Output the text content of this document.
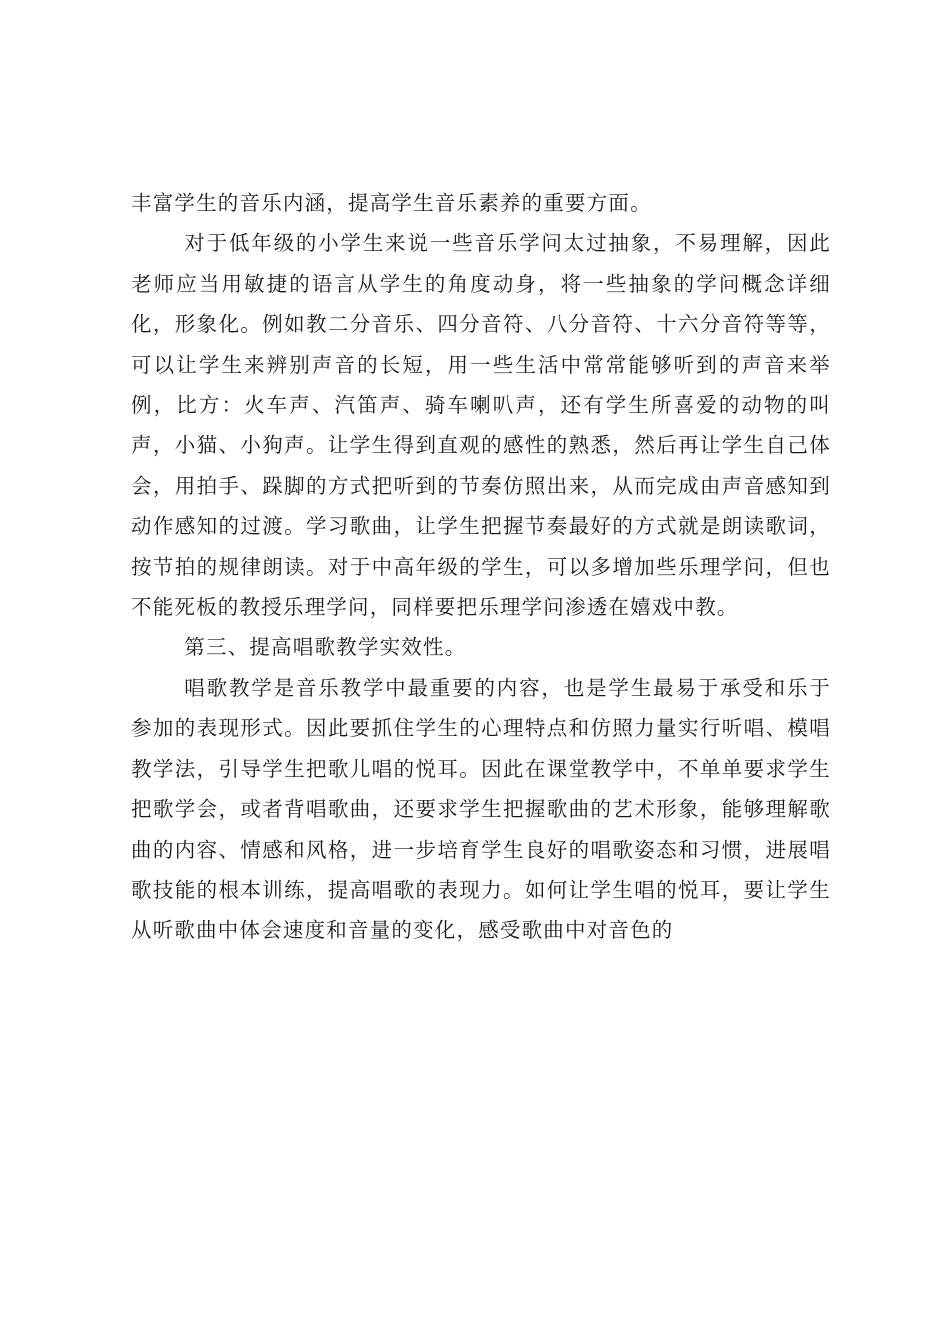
丰富学生的音乐内涵，提高学生音乐素养的重要方面。

对于低年级的小学生来说一些音乐学问太过抽象，不易理解，因此老师应当用敏捷的语言从学生的角度动身，将一些抽象的学问概念详细化，形象化。例如教二分音乐、四分音符、八分音符、十六分音符等等，可以让学生来辨别声音的长短，用一些生活中常常能够听到的声音来举例，比方：火车声、汽笛声、骑车喇叭声，还有学生所喜爱的动物的叫声，小猫、小狗声。让学生得到直观的感性的熟悉，然后再让学生自己体会，用拍手、跺脚的方式把听到的节奏仿照出来，从而完成由声音感知到动作感知的过渡。学习歌曲，让学生把握节奏最好的方式就是朗读歌词，按节拍的规律朗读。对于中高年级的学生，可以多增加些乐理学问，但也不能死板的教授乐理学问，同样要把乐理学问渗透在嬉戏中教。

第三、提高唱歌教学实效性。

唱歌教学是音乐教学中最重要的内容，也是学生最易于承受和乐于参加的表现形式。因此要抓住学生的心理特点和仿照力量实行听唱、模唱教学法，引导学生把歌儿唱的悦耳。因此在课堂教学中，不单单要求学生把歌学会，或者背唱歌曲，还要求学生把握歌曲的艺术形象，能够理解歌曲的内容、情感和风格，进一步培育学生良好的唱歌姿态和习惯，进展唱歌技能的根本训练，提高唱歌的表现力。如何让学生唱的悦耳，要让学生从听歌曲中体会速度和音量的变化，感受歌曲中对音色的
